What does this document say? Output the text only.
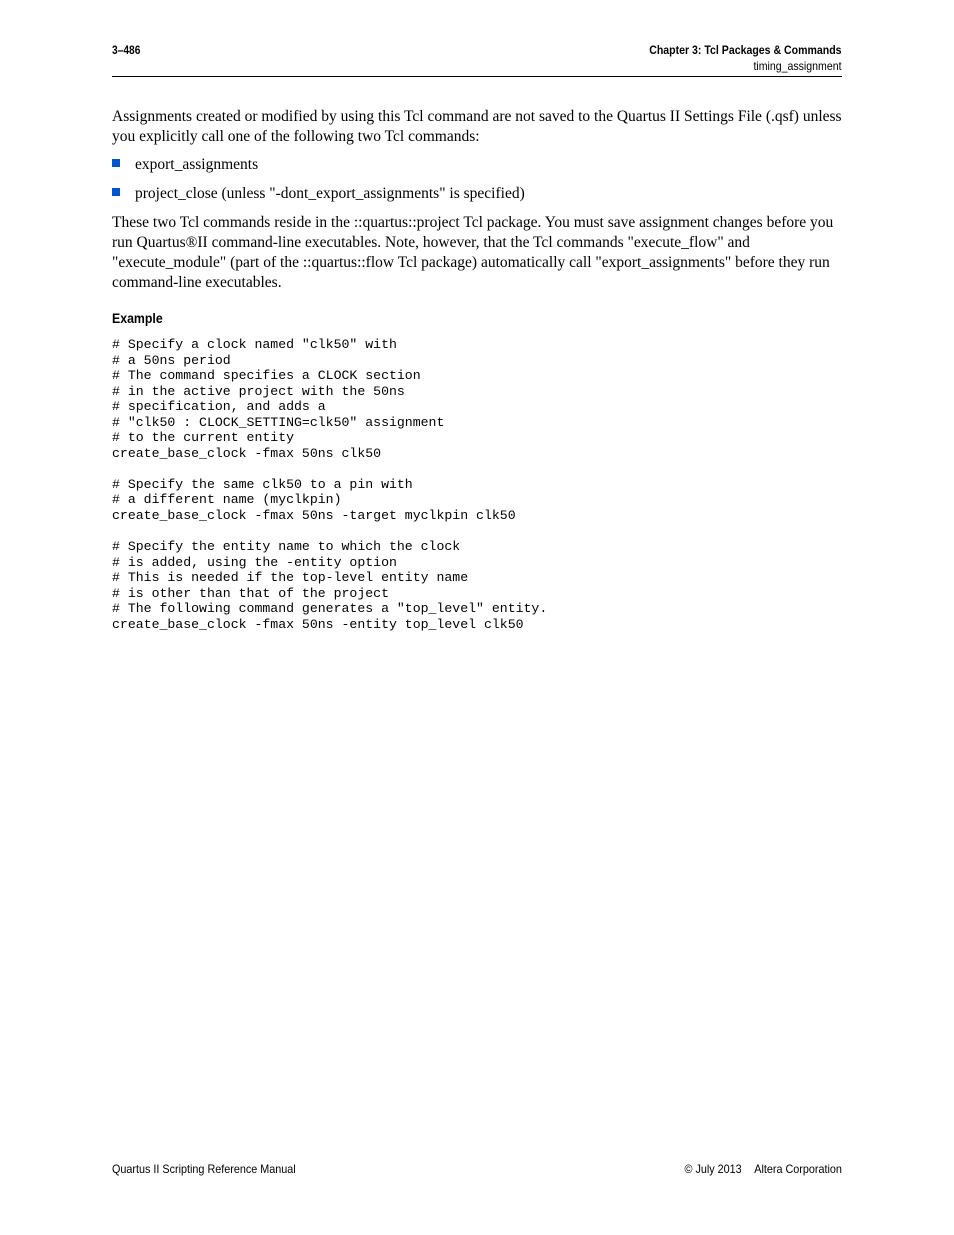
3–486	Chapter 3: Tcl Packages & Commands
timing_assignment
Assignments created or modified by using this Tcl command are not saved to the Quartus II Settings File (.qsf) unless you explicitly call one of the following two Tcl commands:
export_assignments
project_close (unless "-dont_export_assignments" is specified)
These two Tcl commands reside in the ::quartus::project Tcl package. You must save assignment changes before you run Quartus®II command-line executables. Note, however, that the Tcl commands "execute_flow" and "execute_module" (part of the ::quartus::flow Tcl package) automatically call "export_assignments" before they run command-line executables.
Example
# Specify a clock named "clk50" with
# a 50ns period
# The command specifies a CLOCK section
# in the active project with the 50ns
# specification, and adds a
# "clk50 : CLOCK_SETTING=clk50" assignment
# to the current entity
create_base_clock -fmax 50ns clk50

# Specify the same clk50 to a pin with
# a different name (myclkpin)
create_base_clock -fmax 50ns -target myclkpin clk50

# Specify the entity name to which the clock
# is added, using the -entity option
# This is needed if the top-level entity name
# is other than that of the project
# The following command generates a "top_level" entity.
create_base_clock -fmax 50ns -entity top_level clk50
Quartus II Scripting Reference Manual	© July 2013 Altera Corporation
